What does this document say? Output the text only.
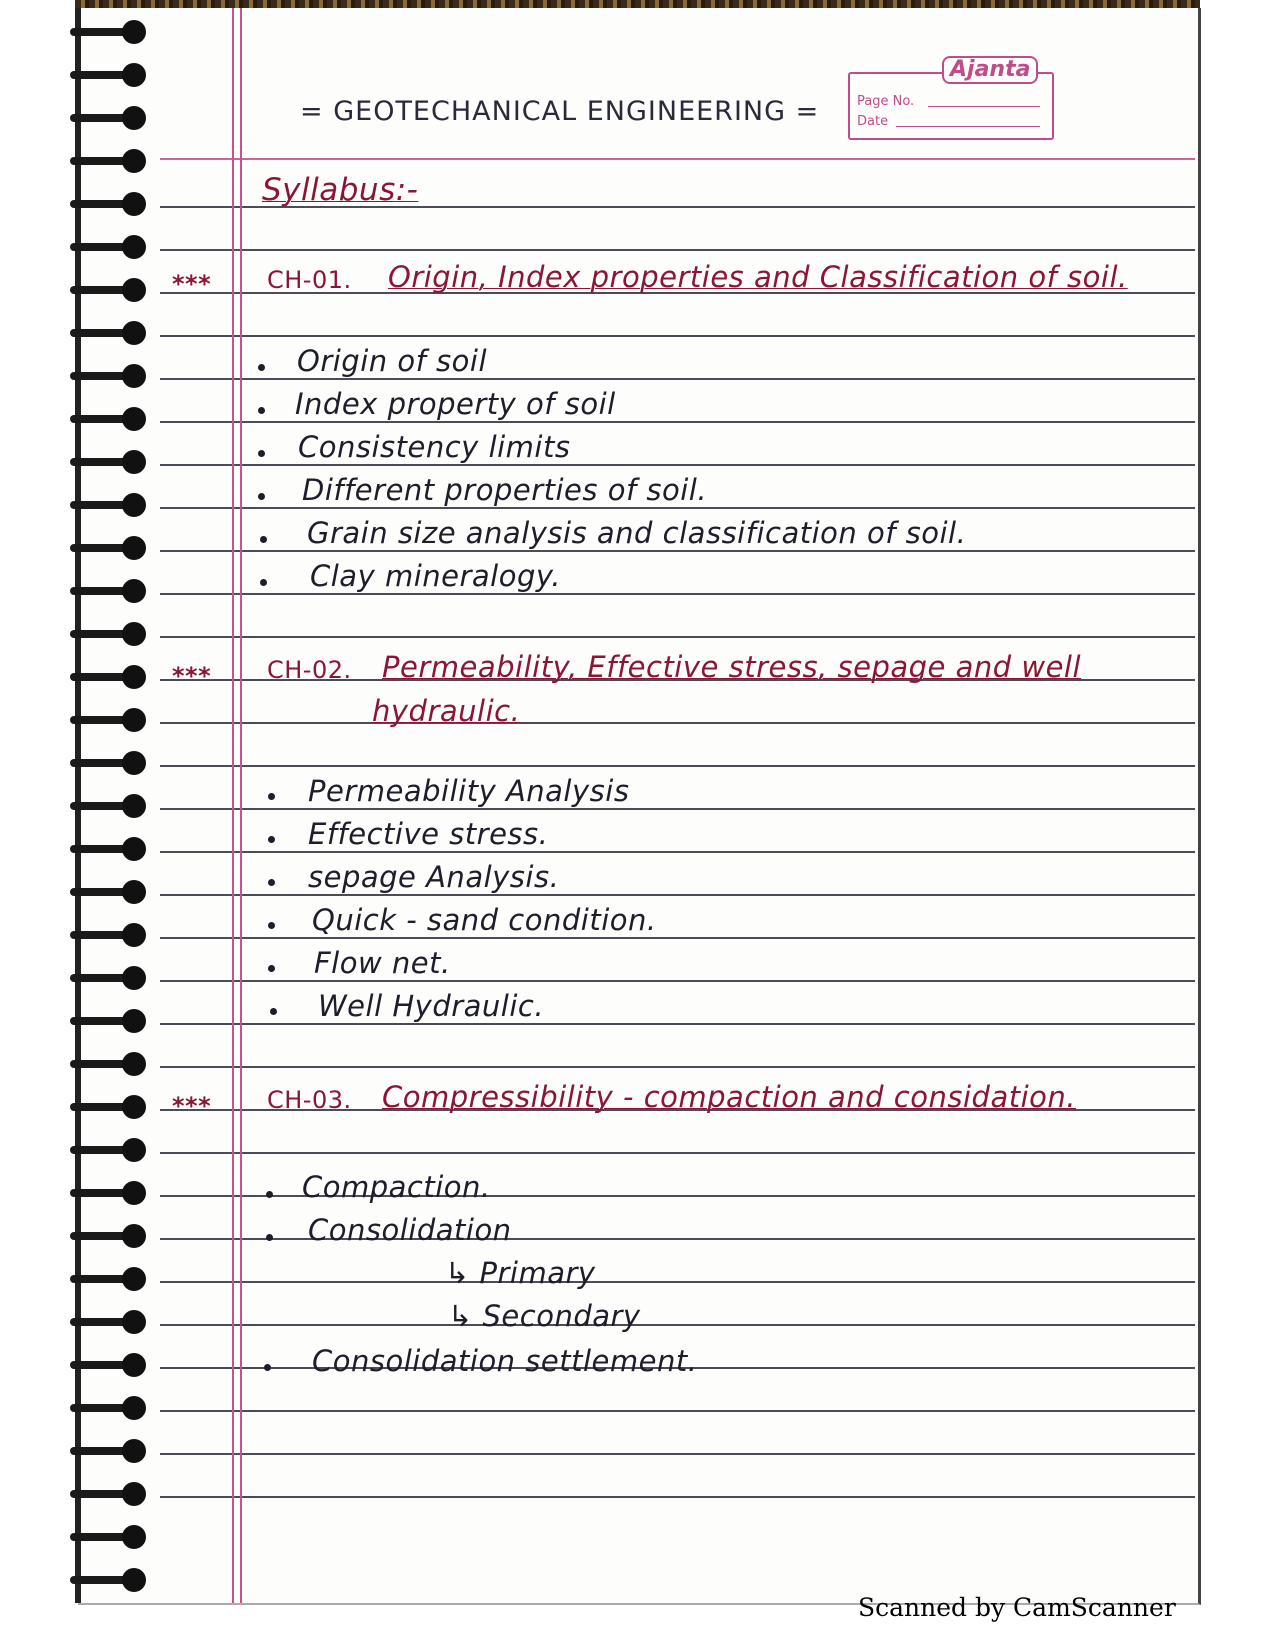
= GEOTECHANICAL ENGINEERING =	Page No.
Date
Ajanta
Syllabus:-
*** CH-01. Origin, Index properties and Classification of soil.
Origin of soil
Index property of soil
Consistency limits
Different properties of soil.
Grain size analysis and classification of soil.
Clay mineralogy.
*** CH-02. Permeability, Effective stress, sepage and well
hydraulic.
Permeability Analysis
Effective stress.
sepage Analysis.
Quick - sand condition.
Flow net.
Well Hydraulic.
*** CH-03. Compressibility - compaction and considation.
Compaction.
Consolidation
↳ Primary
↳ Secondary
Consolidation settlement.
Scanned by CamScanner
